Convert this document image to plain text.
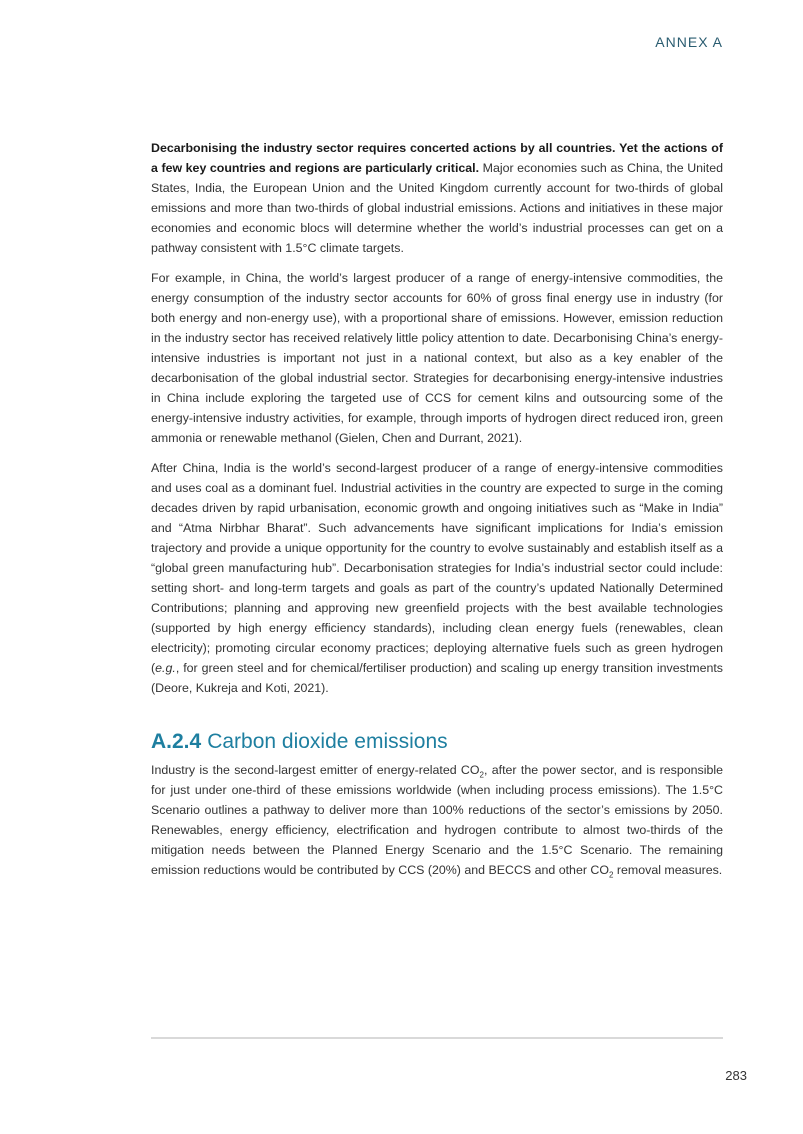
ANNEX A

Decarbonising the industry sector requires concerted actions by all countries. Yet the actions of a few key countries and regions are particularly critical. Major economies such as China, the United States, India, the European Union and the United Kingdom currently account for two-thirds of global emissions and more than two-thirds of global industrial emissions. Actions and initiatives in these major economies and economic blocs will determine whether the world’s industrial processes can get on a pathway consistent with 1.5°C climate targets.

For example, in China, the world’s largest producer of a range of energy-intensive commodities, the energy consumption of the industry sector accounts for 60% of gross final energy use in industry (for both energy and non-energy use), with a proportional share of emissions. However, emission reduction in the industry sector has received relatively little policy attention to date. Decarbonising China’s energy-intensive industries is important not just in a national context, but also as a key enabler of the decarbonisation of the global industrial sector. Strategies for decarbonising energy-intensive industries in China include exploring the targeted use of CCS for cement kilns and outsourcing some of the energy-intensive industry activities, for example, through imports of hydrogen direct reduced iron, green ammonia or renewable methanol (Gielen, Chen and Durrant, 2021).

After China, India is the world’s second-largest producer of a range of energy-intensive commodities and uses coal as a dominant fuel. Industrial activities in the country are expected to surge in the coming decades driven by rapid urbanisation, economic growth and ongoing initiatives such as “Make in India” and “Atma Nirbhar Bharat”. Such advancements have significant implications for India’s emission trajectory and provide a unique opportunity for the country to evolve sustainably and establish itself as a “global green manufacturing hub”. Decarbonisation strategies for India’s industrial sector could include: setting short- and long-term targets and goals as part of the country’s updated Nationally Determined Contributions; planning and approving new greenfield projects with the best available technologies (supported by high energy efficiency standards), including clean energy fuels (renewables, clean electricity); promoting circular economy practices; deploying alternative fuels such as green hydrogen (e.g., for green steel and for chemical/fertiliser production) and scaling up energy transition investments (Deore, Kukreja and Koti, 2021).

A.2.4 Carbon dioxide emissions

Industry is the second-largest emitter of energy-related $CO_2$, after the power sector, and is responsible for just under one-third of these emissions worldwide (when including process emissions). The 1.5°C Scenario outlines a pathway to deliver more than 100% reductions of the sector’s emissions by 2050. Renewables, energy efficiency, electrification and hydrogen contribute to almost two-thirds of the mitigation needs between the Planned Energy Scenario and the 1.5°C Scenario. The remaining emission reductions would be contributed by CCS (20%) and BECCS and other $CO_2$ removal measures.

283
